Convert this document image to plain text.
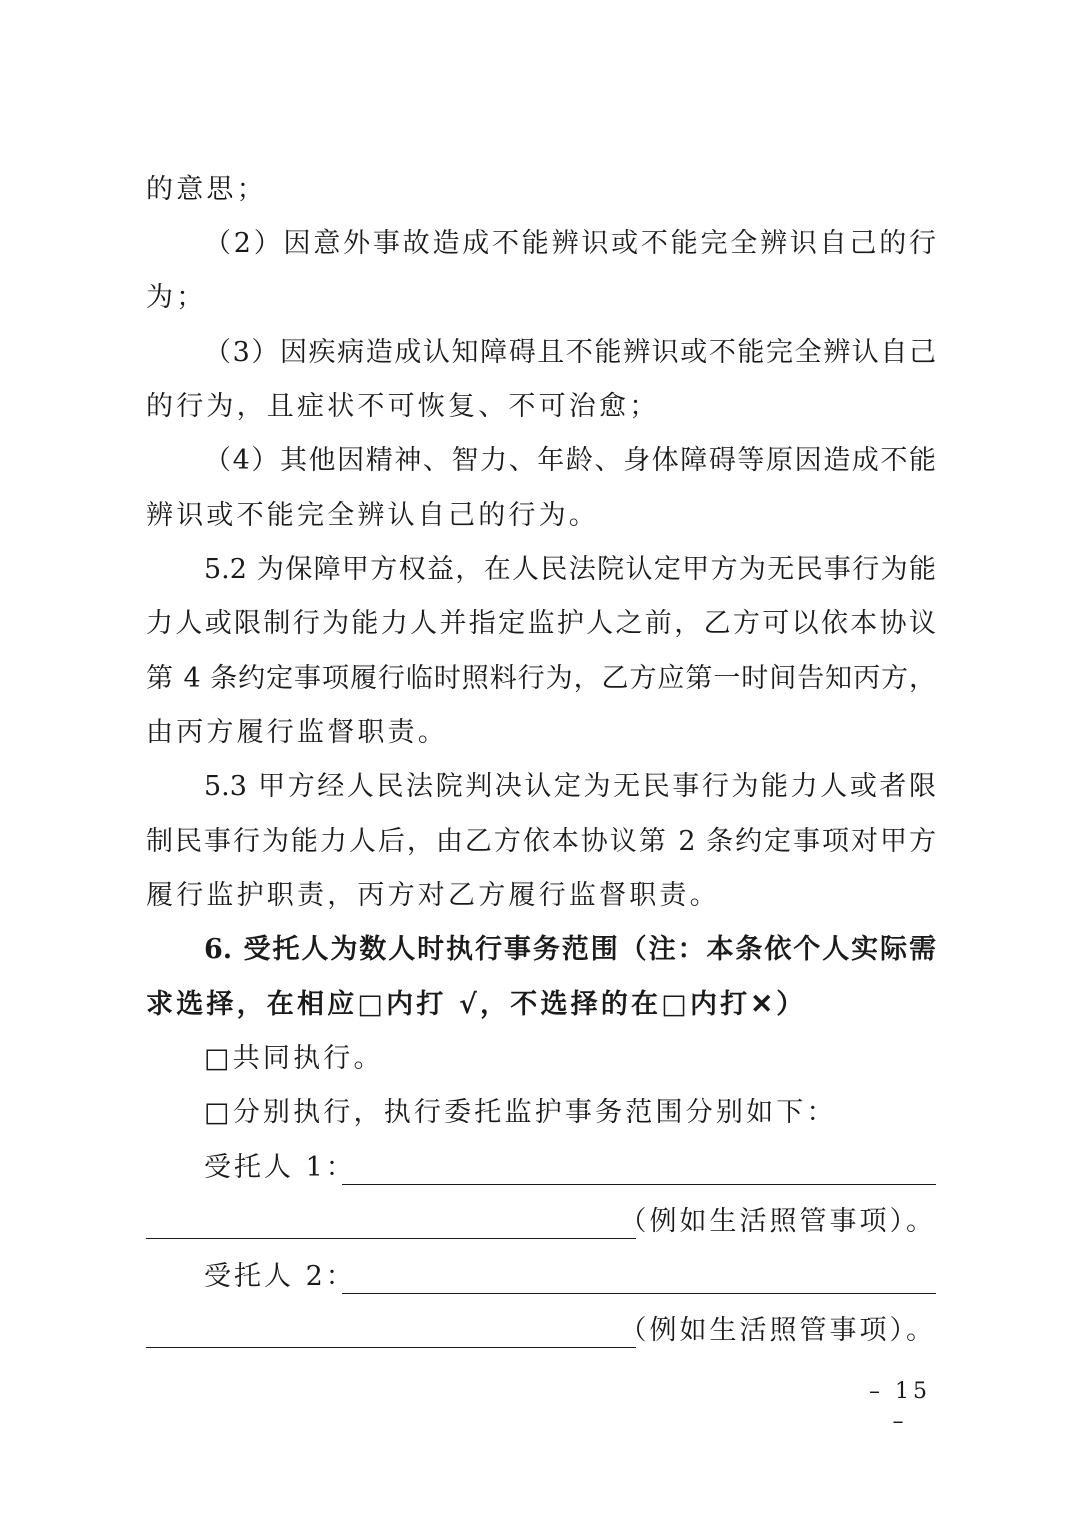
的意思；
（2）因意外事故造成不能辨识或不能完全辨识自己的行
为；
（3）因疾病造成认知障碍且不能辨识或不能完全辨认自己
的行为，且症状不可恢复、不可治愈；
（4）其他因精神、智力、年龄、身体障碍等原因造成不能
辨识或不能完全辨认自己的行为。
5.2 为保障甲方权益，在人民法院认定甲方为无民事行为能
力人或限制行为能力人并指定监护人之前，乙方可以依本协议
第 4 条约定事项履行临时照料行为，乙方应第一时间告知丙方，
由丙方履行监督职责。
5.3 甲方经人民法院判决认定为无民事行为能力人或者限
制民事行为能力人后，由乙方依本协议第 2 条约定事项对甲方
履行监护职责，丙方对乙方履行监督职责。
6. 受托人为数人时执行事务范围（注：本条依个人实际需
求选择，在相应□内打 √，不选择的在□内打✕）
□共同执行。
□分别执行，执行委托监护事务范围分别如下：
受托人 1：
（例如生活照管事项）。
受托人 2：
（例如生活照管事项）。
– 15 –
